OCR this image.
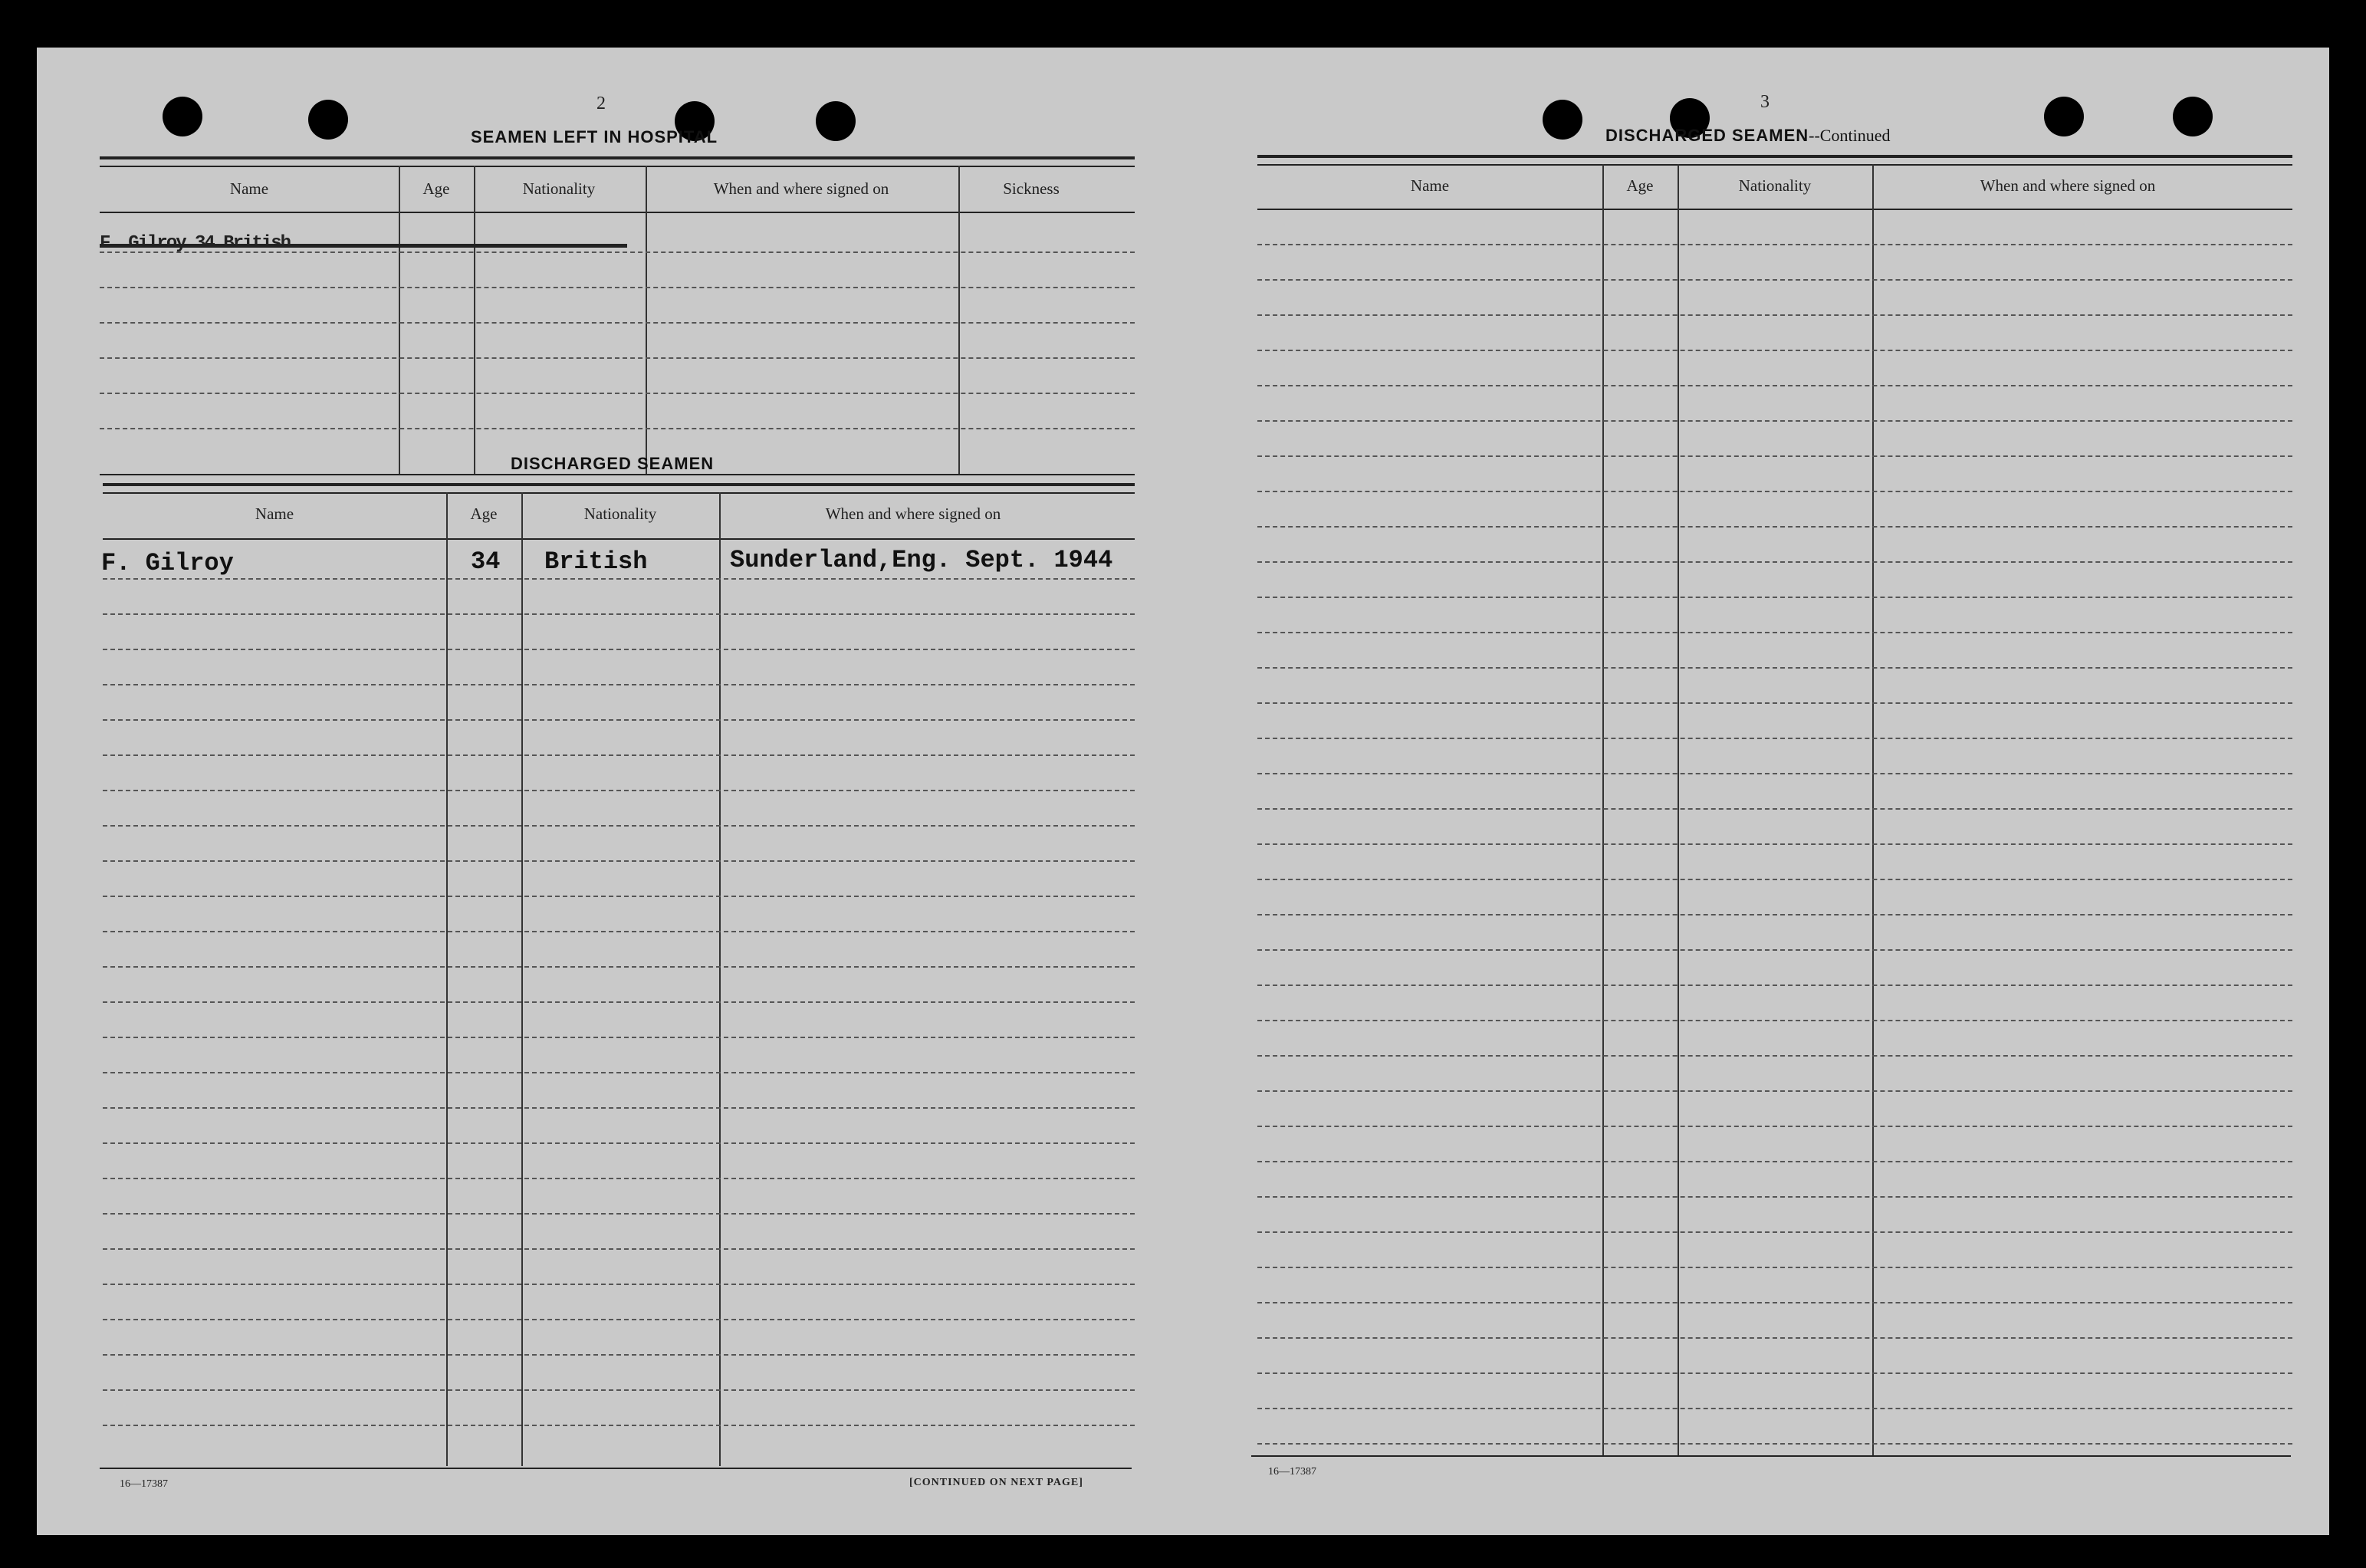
2
SEAMEN LEFT IN HOSPITAL
Name	Age	Nationality	When and where signed on	Sickness
F. Gilroy 34 British
DISCHARGED SEAMEN
Name	Age	Nationality	When and where signed on
F. Gilroy	34 British	Sunderland,Eng. Sept. 1944
16—17387	[CONTINUED ON NEXT PAGE]
3
DISCHARGED SEAMEN--Continued
Name	Age	Nationality	When and where signed on
16—17387
